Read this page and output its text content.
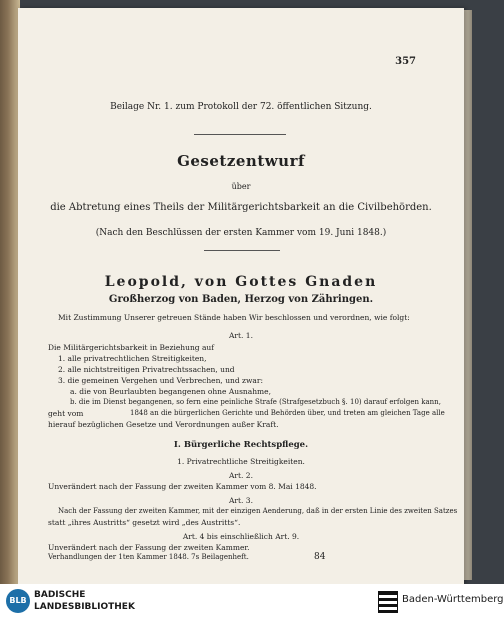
357
Beilage Nr. 1. zum Protokoll der 72. öffentlichen Sitzung.
Gesetzentwurf
über
die Abtretung eines Theils der Militärgerichtsbarkeit an die Civilbehörden.
(Nach den Beschlüssen der ersten Kammer vom 19. Juni 1848.)
Leopold, von Gottes Gnaden
Großherzog von Baden, Herzog von Zähringen.
Mit Zustimmung Unserer getreuen Stände haben Wir beschlossen und verordnen, wie folgt:
Art. 1.
Die Militärgerichtsbarkeit in Beziehung auf
1. alle privatrechtlichen Streitigkeiten,
2. alle nichtstreitigen Privatrechtssachen, und
3. die gemeinen Vergehen und Verbrechen, und zwar:
a. die von Beurlaubten begangenen ohne Ausnahme,
b. die im Dienst begangenen, so fern eine peinliche Strafe (Strafgesetzbuch §. 10) darauf erfolgen kann,
geht vom	1848 an die bürgerlichen Gerichte und Behörden über, und treten am gleichen Tage alle
hierauf bezüglichen Gesetze und Verordnungen außer Kraft.
I. Bürgerliche Rechtspflege.
1. Privatrechtliche Streitigkeiten.
Art. 2.
Unverändert nach der Fassung der zweiten Kammer vom 8. Mai 1848.
Art. 3.
Nach der Fassung der zweiten Kammer, mit der einzigen Aenderung, daß in der ersten Linie des zweiten Satzes
statt „ihres Austritts“ gesetzt wird „des Austritts“.
Art. 4 bis einschließlich Art. 9.
Unverändert nach der Fassung der zweiten Kammer.
Verhandlungen der 1ten Kammer 1848. 7s Beilagenheft.	84
BLB
BADISCHE
LANDESBIBLIOTHEK
Baden-Württemberg
